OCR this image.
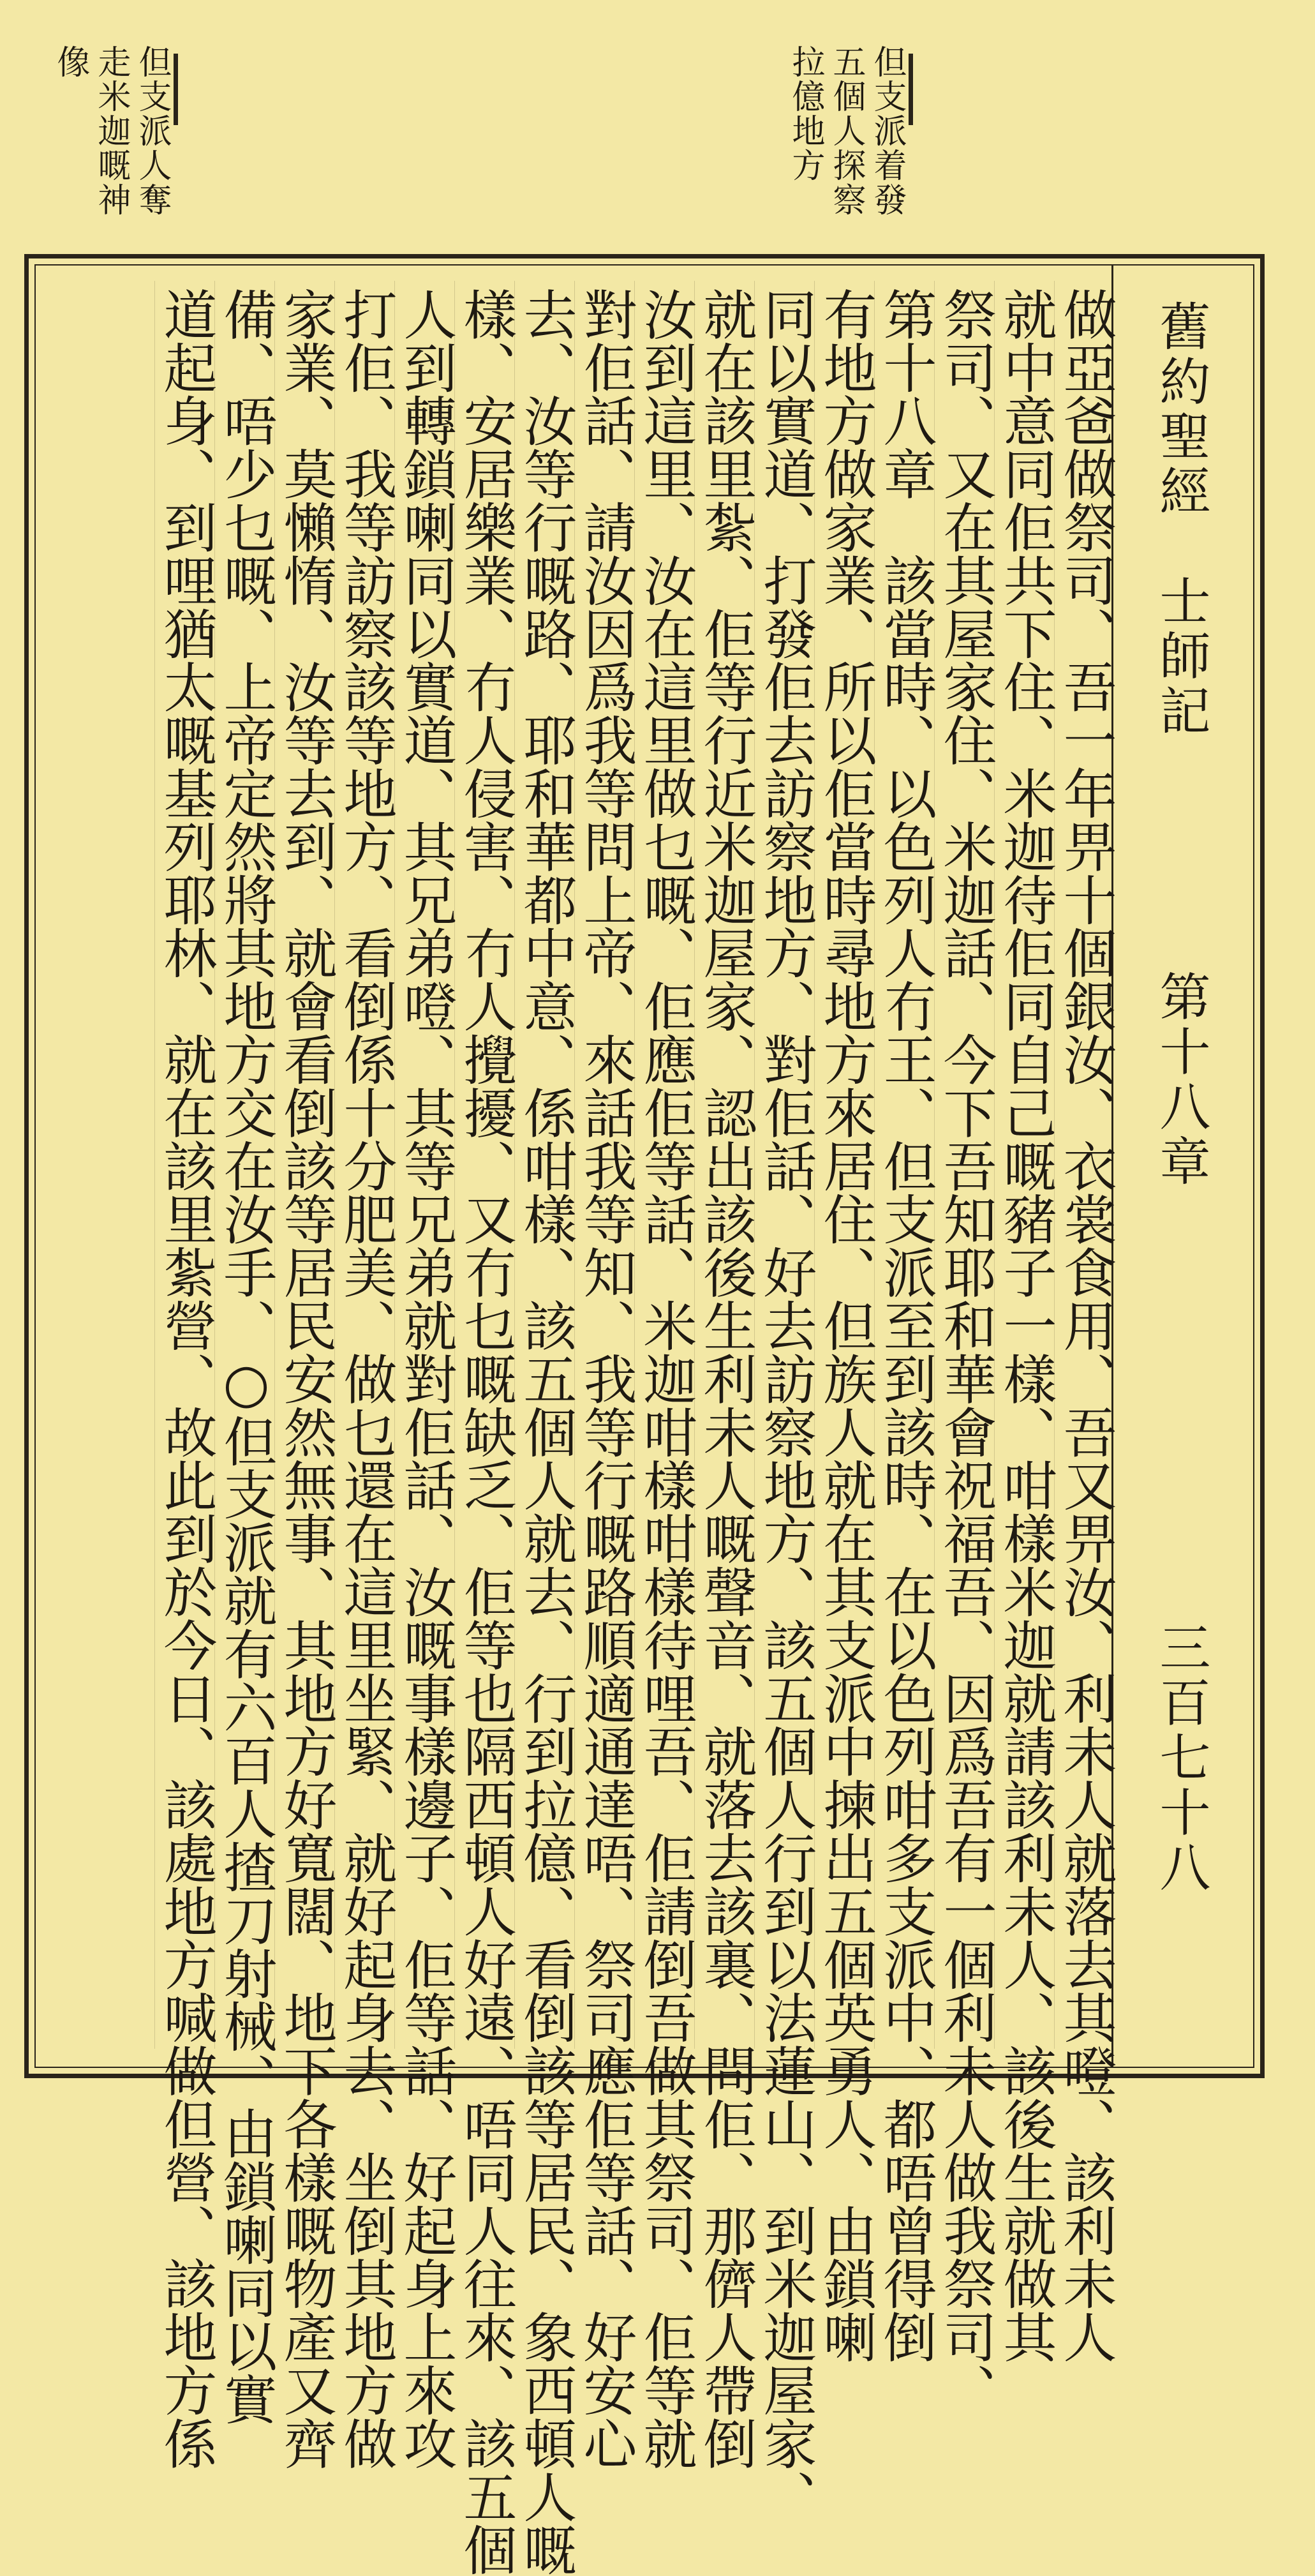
但支派着發
五個人探察
拉億地方
但支派人奪
走米迦嘅神
像
舊約聖經　士師記
第十八章
三百七十八
做亞爸做祭司、吾一年畀十個銀汝、衣裳食用、吾又畀汝、利未人就落去其噔、該利未人
就中意同佢共下住、米迦待佢同自己嘅豬子一樣、咁樣米迦就請該利未人、該後生就做其
祭司、又在其屋家住、米迦話、今下吾知耶和華會祝福吾、因爲吾有一個利未人做我祭司、
第十八章　該當時、以色列人冇王、但支派至到該時、在以色列咁多支派中、都唔曾得倒
有地方做家業、所以佢當時尋地方來居住、但族人就在其支派中揀出五個英勇人、由鎖喇
同以實道、打發佢去訪察地方、對佢話、好去訪察地方、該五個人行到以法蓮山、到米迦屋家、
就在該里紮、佢等行近米迦屋家、認出該後生利未人嘅聲音、就落去該裏、問佢、那儕人帶倒
汝到這里、汝在這里做乜嘅、佢應佢等話、米迦咁樣咁樣待哩吾、佢請倒吾做其祭司、佢等就
對佢話、請汝因爲我等問上帝、來話我等知、我等行嘅路順適通達唔、祭司應佢等話、好安心
去、汝等行嘅路、耶和華都中意、係咁樣、該五個人就去、行到拉億、看倒該等居民、象西頓人嘅
樣、安居樂業、冇人侵害、冇人攪擾、又冇乜嘅缺乏、佢等也隔西頓人好遠、唔同人往來、該五個
人到轉鎖喇同以實道、其兄弟噔、其等兄弟就對佢話、汝嘅事樣邊子、佢等話、好起身上來攻
打佢、我等訪察該等地方、看倒係十分肥美、做乜還在這里坐緊、就好起身去、坐倒其地方做
家業、莫懶惰、汝等去到、就會看倒該等居民安然無事、其地方好寬闊、地下各樣嘅物產又齊
備、唔少乜嘅、上帝定然將其地方交在汝手、○但支派就有六百人揸刀射械、由鎖喇同以實
道起身、到哩猶太嘅基列耶林、就在該里紮營、故此到於今日、該處地方喊做但營、該地方係
